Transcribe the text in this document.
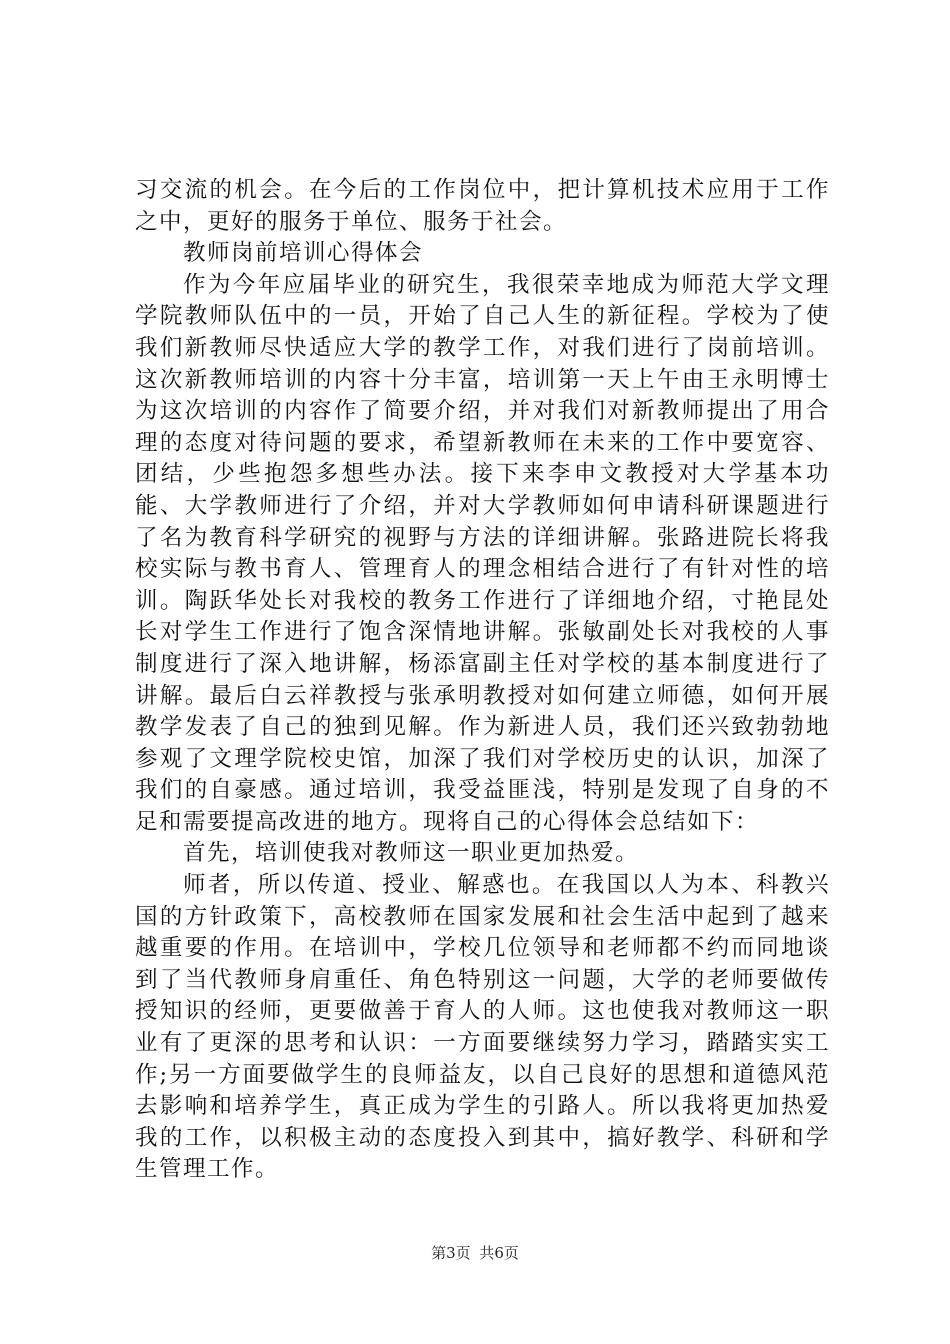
习交流的机会。在今后的工作岗位中，把计算机技术应用于工作之中，更好的服务于单位、服务于社会。

教师岗前培训心得体会

作为今年应届毕业的研究生，我很荣幸地成为师范大学文理学院教师队伍中的一员，开始了自己人生的新征程。学校为了使我们新教师尽快适应大学的教学工作，对我们进行了岗前培训。这次新教师培训的内容十分丰富，培训第一天上午由王永明博士为这次培训的内容作了简要介绍，并对我们对新教师提出了用合理的态度对待问题的要求，希望新教师在未来的工作中要宽容、团结，少些抱怨多想些办法。接下来李申文教授对大学基本功能、大学教师进行了介绍，并对大学教师如何申请科研课题进行了名为教育科学研究的视野与方法的详细讲解。张路进院长将我校实际与教书育人、管理育人的理念相结合进行了有针对性的培训。陶跃华处长对我校的教务工作进行了详细地介绍，寸艳昆处长对学生工作进行了饱含深情地讲解。张敏副处长对我校的人事制度进行了深入地讲解，杨添富副主任对学校的基本制度进行了讲解。最后白云祥教授与张承明教授对如何建立师德，如何开展教学发表了自己的独到见解。作为新进人员，我们还兴致勃勃地参观了文理学院校史馆，加深了我们对学校历史的认识，加深了我们的自豪感。通过培训，我受益匪浅，特别是发现了自身的不足和需要提高改进的地方。现将自己的心得体会总结如下：

首先，培训使我对教师这一职业更加热爱。

师者，所以传道、授业、解惑也。在我国以人为本、科教兴国的方针政策下，高校教师在国家发展和社会生活中起到了越来越重要的作用。在培训中，学校几位领导和老师都不约而同地谈到了当代教师身肩重任、角色特别这一问题，大学的老师要做传授知识的经师，更要做善于育人的人师。这也使我对教师这一职业有了更深的思考和认识：一方面要继续努力学习，踏踏实实工作;另一方面要做学生的良师益友，以自己良好的思想和道德风范去影响和培养学生，真正成为学生的引路人。所以我将更加热爱我的工作，以积极主动的态度投入到其中，搞好教学、科研和学生管理工作。

第3页 共6页
